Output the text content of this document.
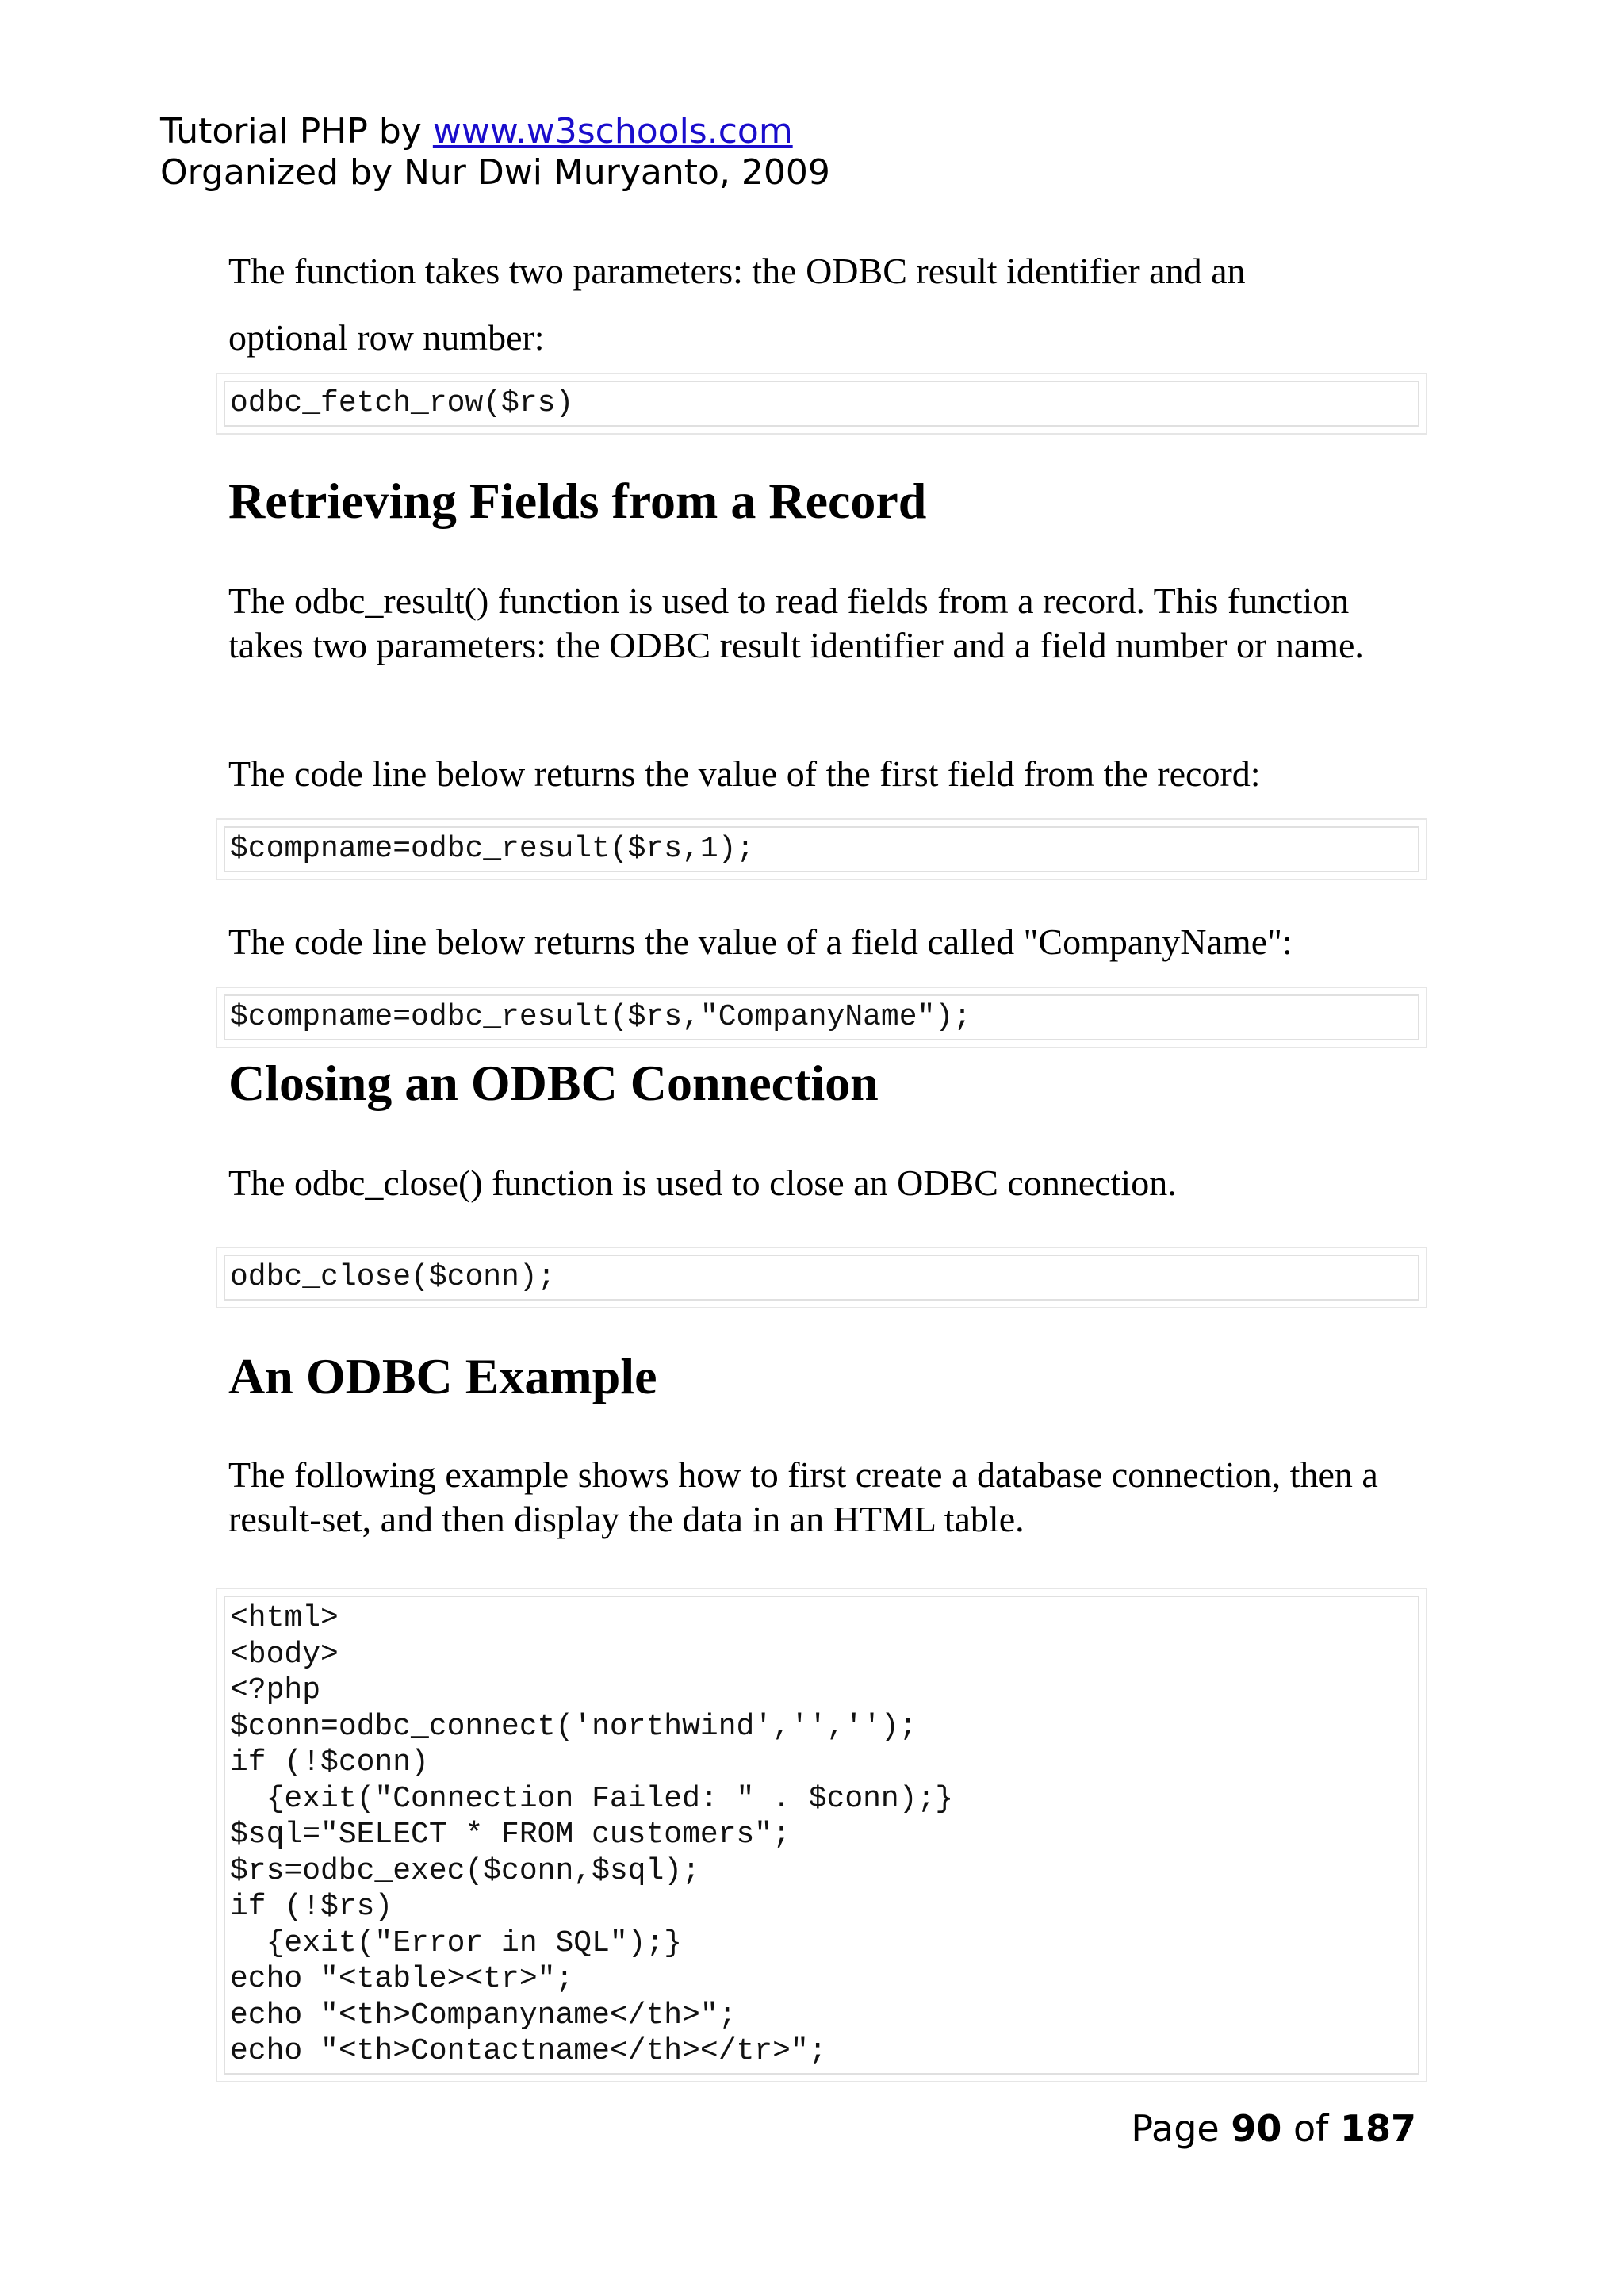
Tutorial PHP by www.w3schools.com
Organized by Nur Dwi Muryanto, 2009

The function takes two parameters: the ODBC result identifier and an optional row number:

odbc_fetch_row($rs)
Retrieving Fields from a Record

The odbc_result() function is used to read fields from a record. This function takes two parameters: the ODBC result identifier and a field number or name.

The code line below returns the value of the first field from the record:

$compname=odbc_result($rs,1);

The code line below returns the value of a field called "CompanyName":

$compname=odbc_result($rs,"CompanyName");
Closing an ODBC Connection

The odbc_close() function is used to close an ODBC connection.

odbc_close($conn);
An ODBC Example

The following example shows how to first create a database connection, then a result-set, and then display the data in an HTML table.

<html>
<body>
<?php
$conn=odbc_connect('northwind','','');
if (!$conn)
{exit("Connection Failed: " . $conn);}
$sql="SELECT * FROM customers";
$rs=odbc_exec($conn,$sql);
if (!$rs)
{exit("Error in SQL");}
echo "<table><tr>";
echo "<th>Companyname</th>";
echo "<th>Contactname</th></tr>";
Page 90 of 187
